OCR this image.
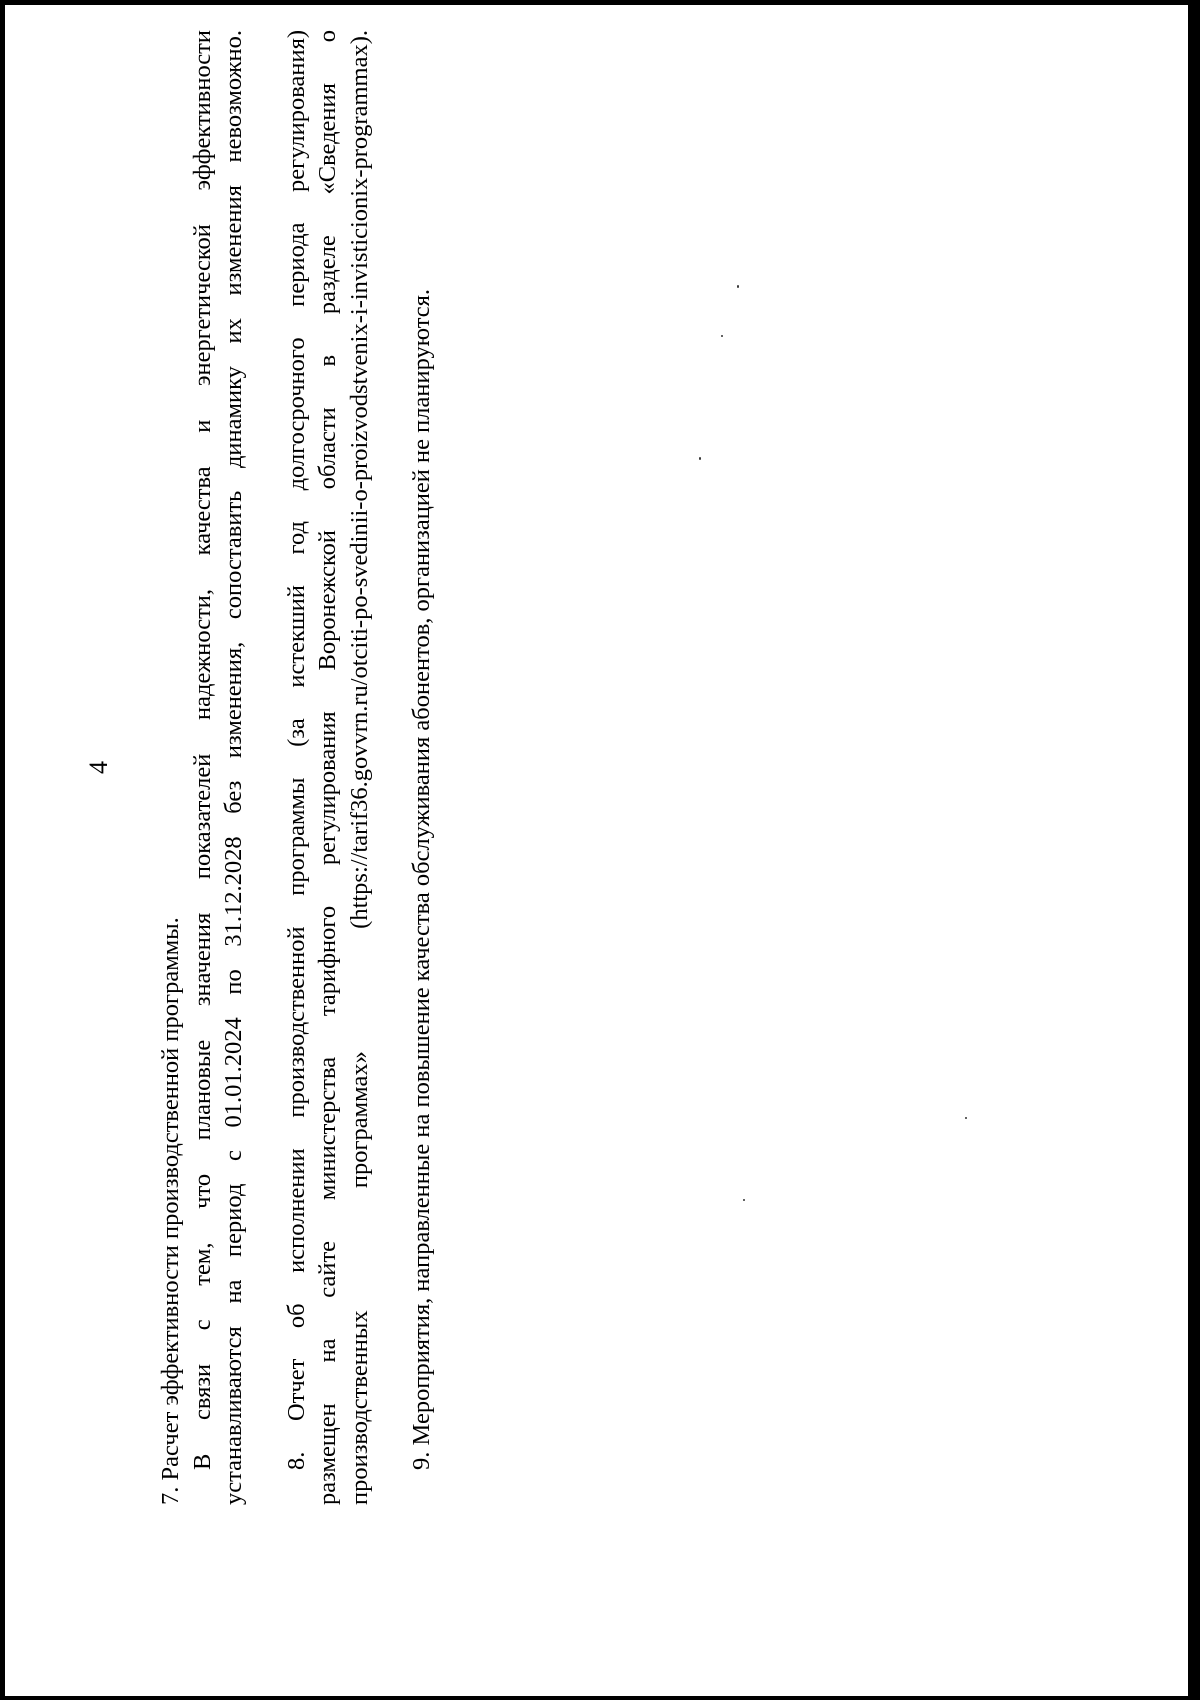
4
7. Расчет эффективности производственной программы. В связи с тем, что плановые значения показателей надежности, качества и энергетической эффективности устанавливаются на период с 01.01.2024 по 31.12.2028 без изменения, сопоставить динамику их изменения невозможно. 8. Отчет об исполнении производственной программы (за истекший год долгосрочного периода регулирования) размещен на сайте министерства тарифного регулирования Воронежской области в разделе «Сведения о производственных программах» (https://tarif36.govvrn.ru/otciti-po-svedinii-o-proizvodstvenix-i-invisticionix-programmax). 9. Мероприятия, направленные на повышение качества обслуживания абонентов, организацией не планируются.
